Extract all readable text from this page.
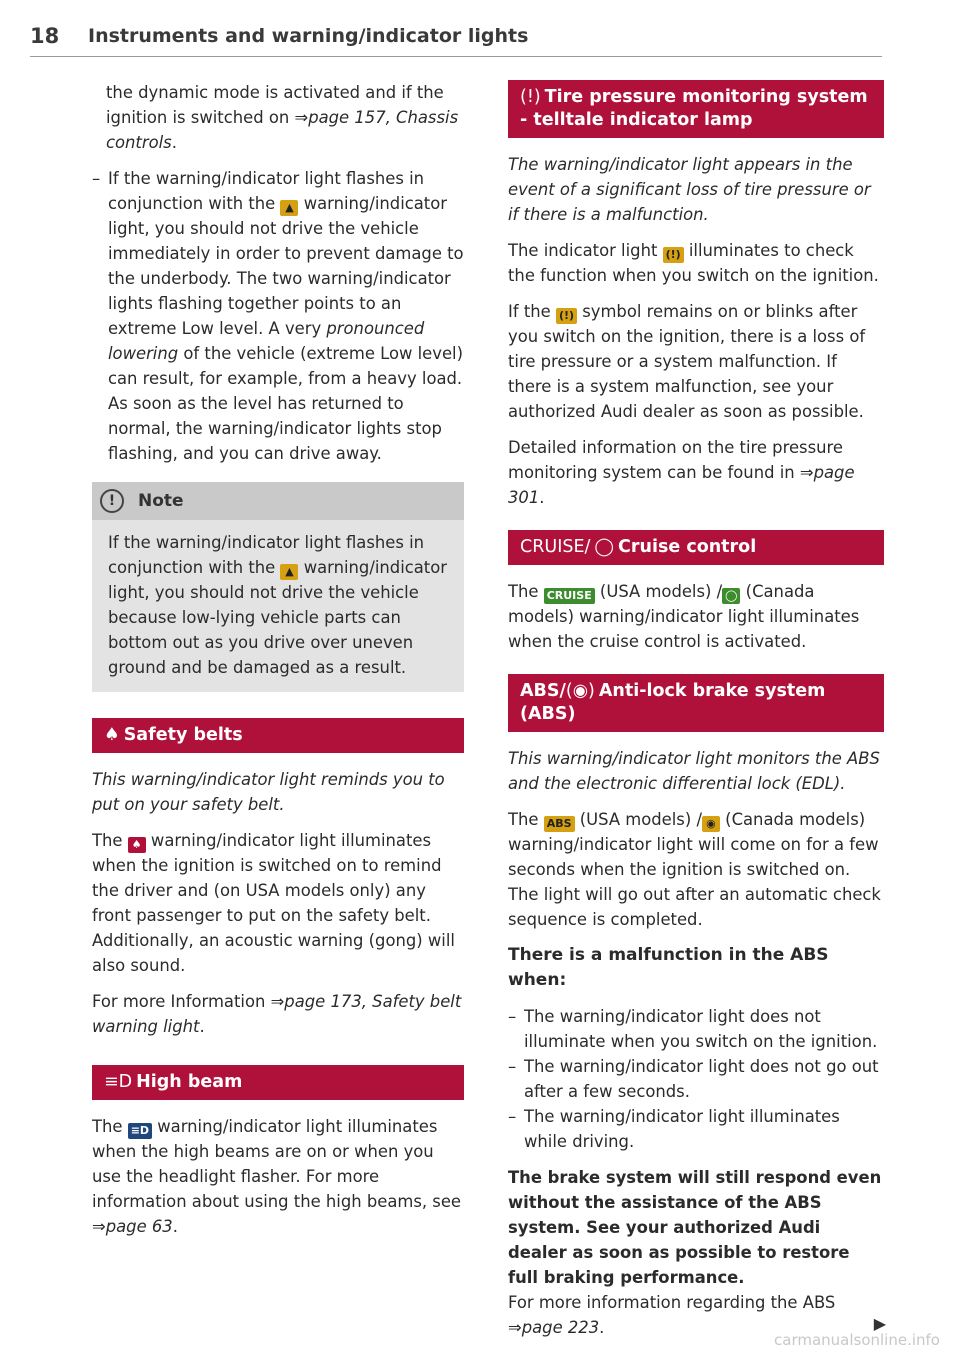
18 Instruments and warning/indicator lights

the dynamic mode is activated and if the ignition is switched on ⇒page 157, Chassis controls.

– If the warning/indicator light flashes in conjunction with the ▲ warning/indicator light, you should not drive the vehicle immediately in order to prevent damage to the underbody. The two warning/indicator lights flashing together points to an extreme Low level. A very pronounced lowering of the vehicle (extreme Low level) can result, for example, from a heavy load. As soon as the level has returned to normal, the warning/indicator lights stop flashing, and you can drive away.

!	Note
If the warning/indicator light flashes in conjunction with the ▲ warning/indicator light, you should not drive the vehicle because low-lying vehicle parts can bottom out as you drive over uneven ground and be damaged as a result.
♠ Safety belts

This warning/indicator light reminds you to put on your safety belt.

The ♠ warning/indicator light illuminates when the ignition is switched on to remind the driver and (on USA models only) any front passenger to put on the safety belt. Additionally, an acoustic warning (gong) will also sound.

For more Information ⇒page 173, Safety belt warning light.

≡D High beam

The ≡D warning/indicator light illuminates when the high beams are on or when you use the headlight flasher. For more information about using the high beams, see ⇒page 63.

(!) Tire pressure monitoring system - telltale indicator lamp

The warning/indicator light appears in the event of a significant loss of tire pressure or if there is a malfunction.

The indicator light (!) illuminates to check the function when you switch on the ignition.

If the (!) symbol remains on or blinks after you switch on the ignition, there is a loss of tire pressure or a system malfunction. If there is a system malfunction, see your authorized Audi dealer as soon as possible.

Detailed information on the tire pressure monitoring system can be found in ⇒page 301.

CRUISE/ ◯ Cruise control

The CRUISE (USA models) / ◯ (Canada models) warning/indicator light illuminates when the cruise control is activated.

ABS/(◉) Anti-lock brake system (ABS)

This warning/indicator light monitors the ABS and the electronic differential lock (EDL).

The ABS (USA models) / ◉ (Canada models) warning/indicator light will come on for a few seconds when the ignition is switched on. The light will go out after an automatic check sequence is completed.

There is a malfunction in the ABS when:

– The warning/indicator light does not illuminate when you switch on the ignition.

– The warning/indicator light does not go out after a few seconds.

– The warning/indicator light illuminates while driving.

The brake system will still respond even without the assistance of the ABS system. See your authorized Audi dealer as soon as possible to restore full braking performance.

For more information regarding the ABS ⇒page 223.	▶

carmanualsonline.info
